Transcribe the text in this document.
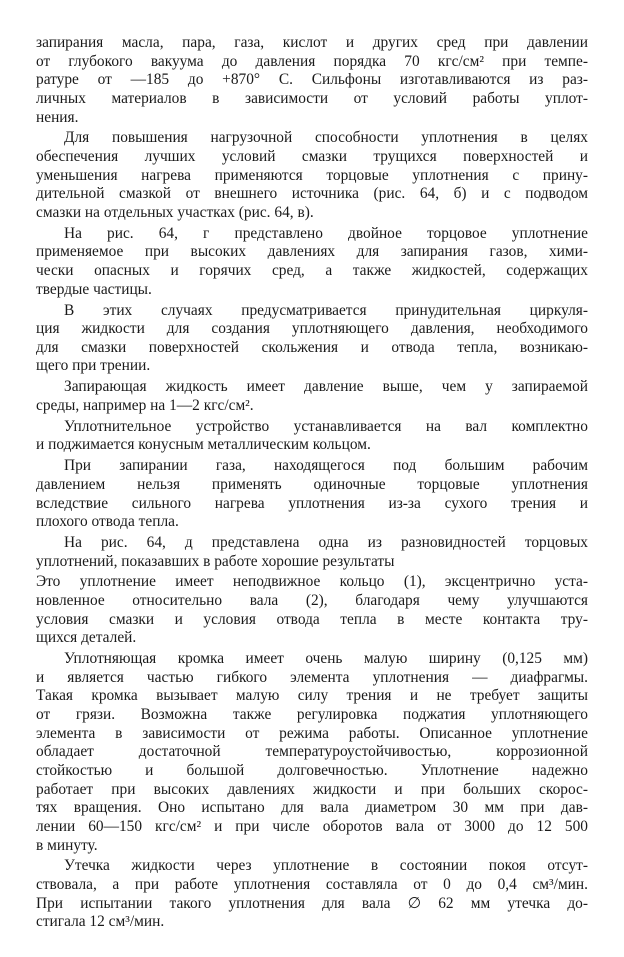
запирания масла, пара, газа, кислот и других сред при давлении
от глубокого вакуума до давления порядка 70 кгс/см² при темпе-
ратуре от —185 до +870° С. Сильфоны изготавливаются из раз-
личных материалов в зависимости от условий работы уплот-
нения.
Для повышения нагрузочной способности уплотнения в целях
обеспечения лучших условий смазки трущихся поверхностей и
уменьшения нагрева применяются торцовые уплотнения с прину-
дительной смазкой от внешнего источника (рис. 64, б) и с подводом
смазки на отдельных участках (рис. 64, в).
На рис. 64, г представлено двойное торцовое уплотнение
применяемое при высоких давлениях для запирания газов, хими-
чески опасных и горячих сред, а также жидкостей, содержащих
твердые частицы.
В этих случаях предусматривается принудительная циркуля-
ция жидкости для создания уплотняющего давления, необходимого
для смазки поверхностей скольжения и отвода тепла, возникаю-
щего при трении.
Запирающая жидкость имеет давление выше, чем у запираемой
среды, например на 1—2 кгс/см².
Уплотнительное устройство устанавливается на вал комплектно
и поджимается конусным металлическим кольцом.
При запирании газа, находящегося под большим рабочим
давлением нельзя применять одиночные торцовые уплотнения
вследствие сильного нагрева уплотнения из-за сухого трения и
плохого отвода тепла.
На рис. 64, д представлена одна из разновидностей торцовых
уплотнений, показавших в работе хорошие результаты
Это уплотнение имеет неподвижное кольцо (1), эксцентрично уста-
новленное относительно вала (2), благодаря чему улучшаются
условия смазки и условия отвода тепла в месте контакта тру-
щихся деталей.
Уплотняющая кромка имеет очень малую ширину (0,125 мм)
и является частью гибкого элемента уплотнения — диафрагмы.
Такая кромка вызывает малую силу трения и не требует защиты
от грязи. Возможна также регулировка поджатия уплотняющего
элемента в зависимости от режима работы. Описанное уплотнение
обладает достаточной температуроустойчивостью, коррозионной
стойкостью и большой долговечностью. Уплотнение надежно
работает при высоких давлениях жидкости и при больших скорос-
тях вращения. Оно испытано для вала диаметром 30 мм при дав-
лении 60—150 кгс/см² и при числе оборотов вала от 3000 до 12 500
в минуту.
Утечка жидкости через уплотнение в состоянии покоя отсут-
ствовала, а при работе уплотнения составляла от 0 до 0,4 см³/мин.
При испытании такого уплотнения для вала ∅ 62 мм утечка до-
стигала 12 см³/мин.
